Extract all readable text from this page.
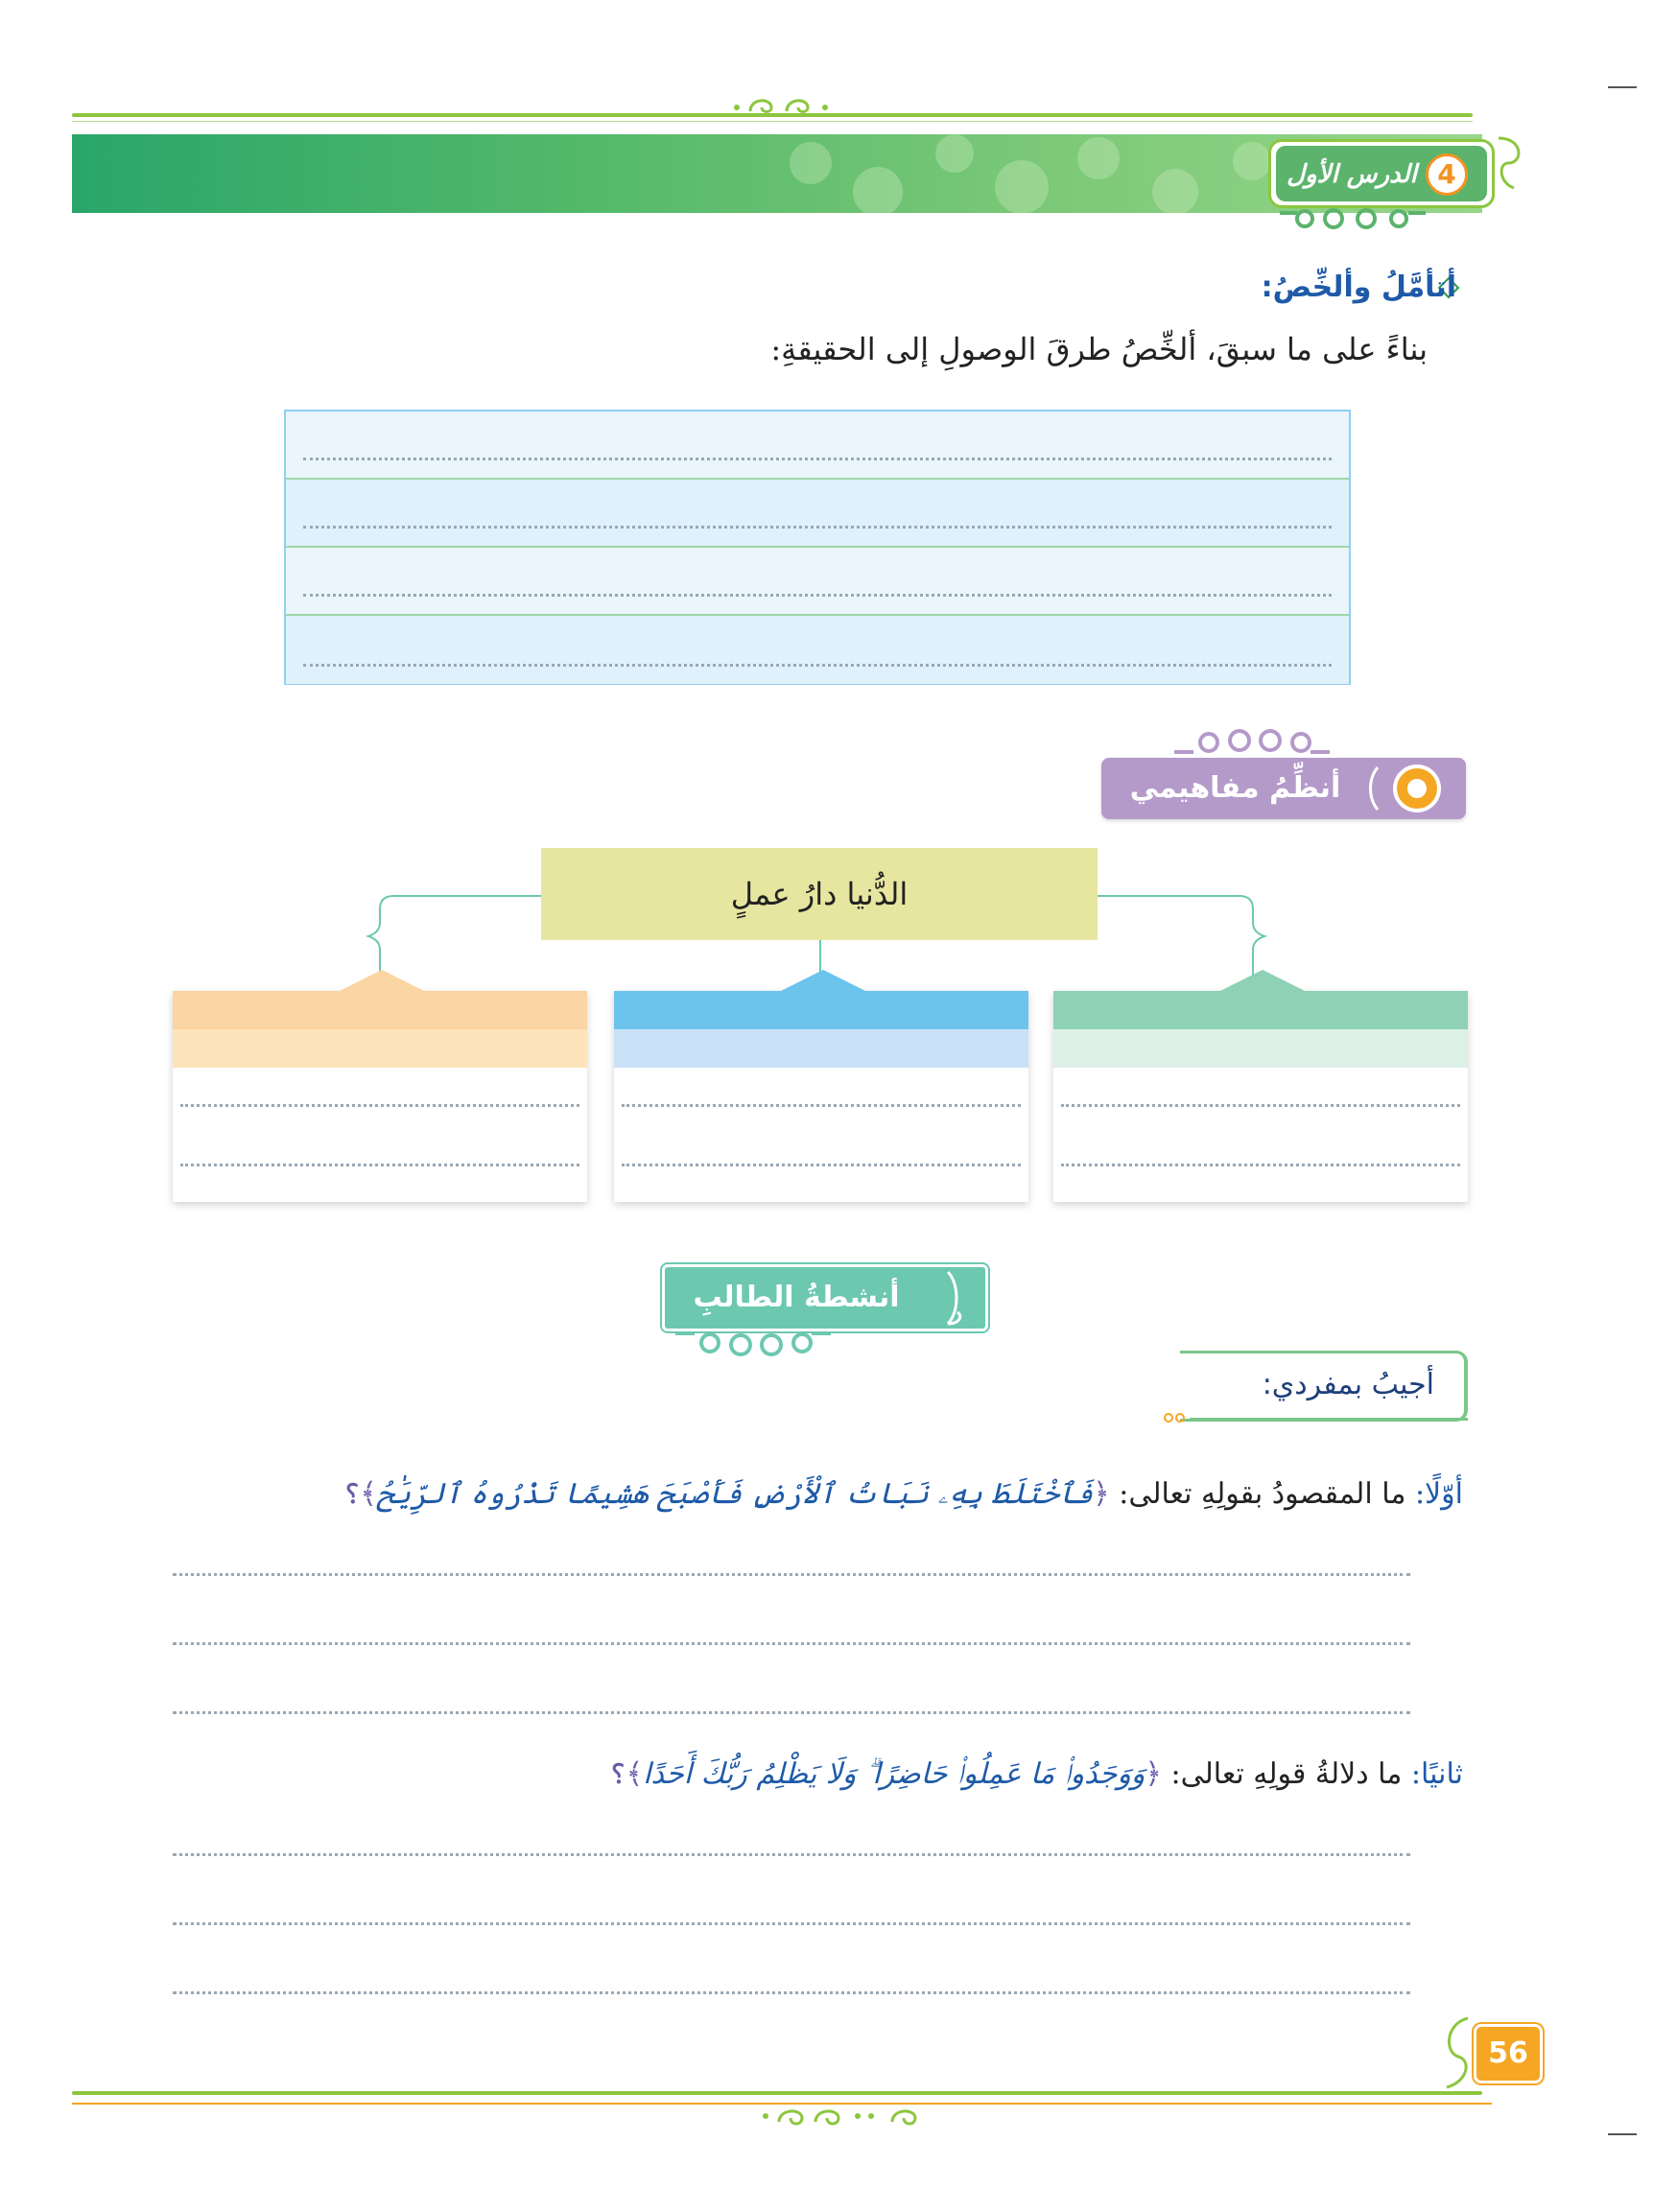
4
الدرس الأول
أتأمَّلُ وألخِّصُ:
بناءً على ما سبقَ، ألخِّصُ طرقَ الوصولِ إلى الحقيقةِ:
أنظِّمُ مفاهيمي
الدُّنيا دارُ عملٍ
أنشطةُ الطالبِ
أجيبُ بمفردي:
أوّلًا: ما المقصودُ بقولِهِ تعالى: ﴿فَٱخْتَلَطَ بِهِۦ نَبَاتُ ٱلْأَرْضِ فَأَصْبَحَ هَشِيمًا تَذْرُوهُ ٱلرِّيَٰحُ﴾؟
ثانيًا: ما دلالةُ قولِهِ تعالى: ﴿وَوَجَدُوا۟ مَا عَمِلُوا۟ حَاضِرًا ۗ وَلَا يَظْلِمُ رَبُّكَ أَحَدًا﴾؟
56
